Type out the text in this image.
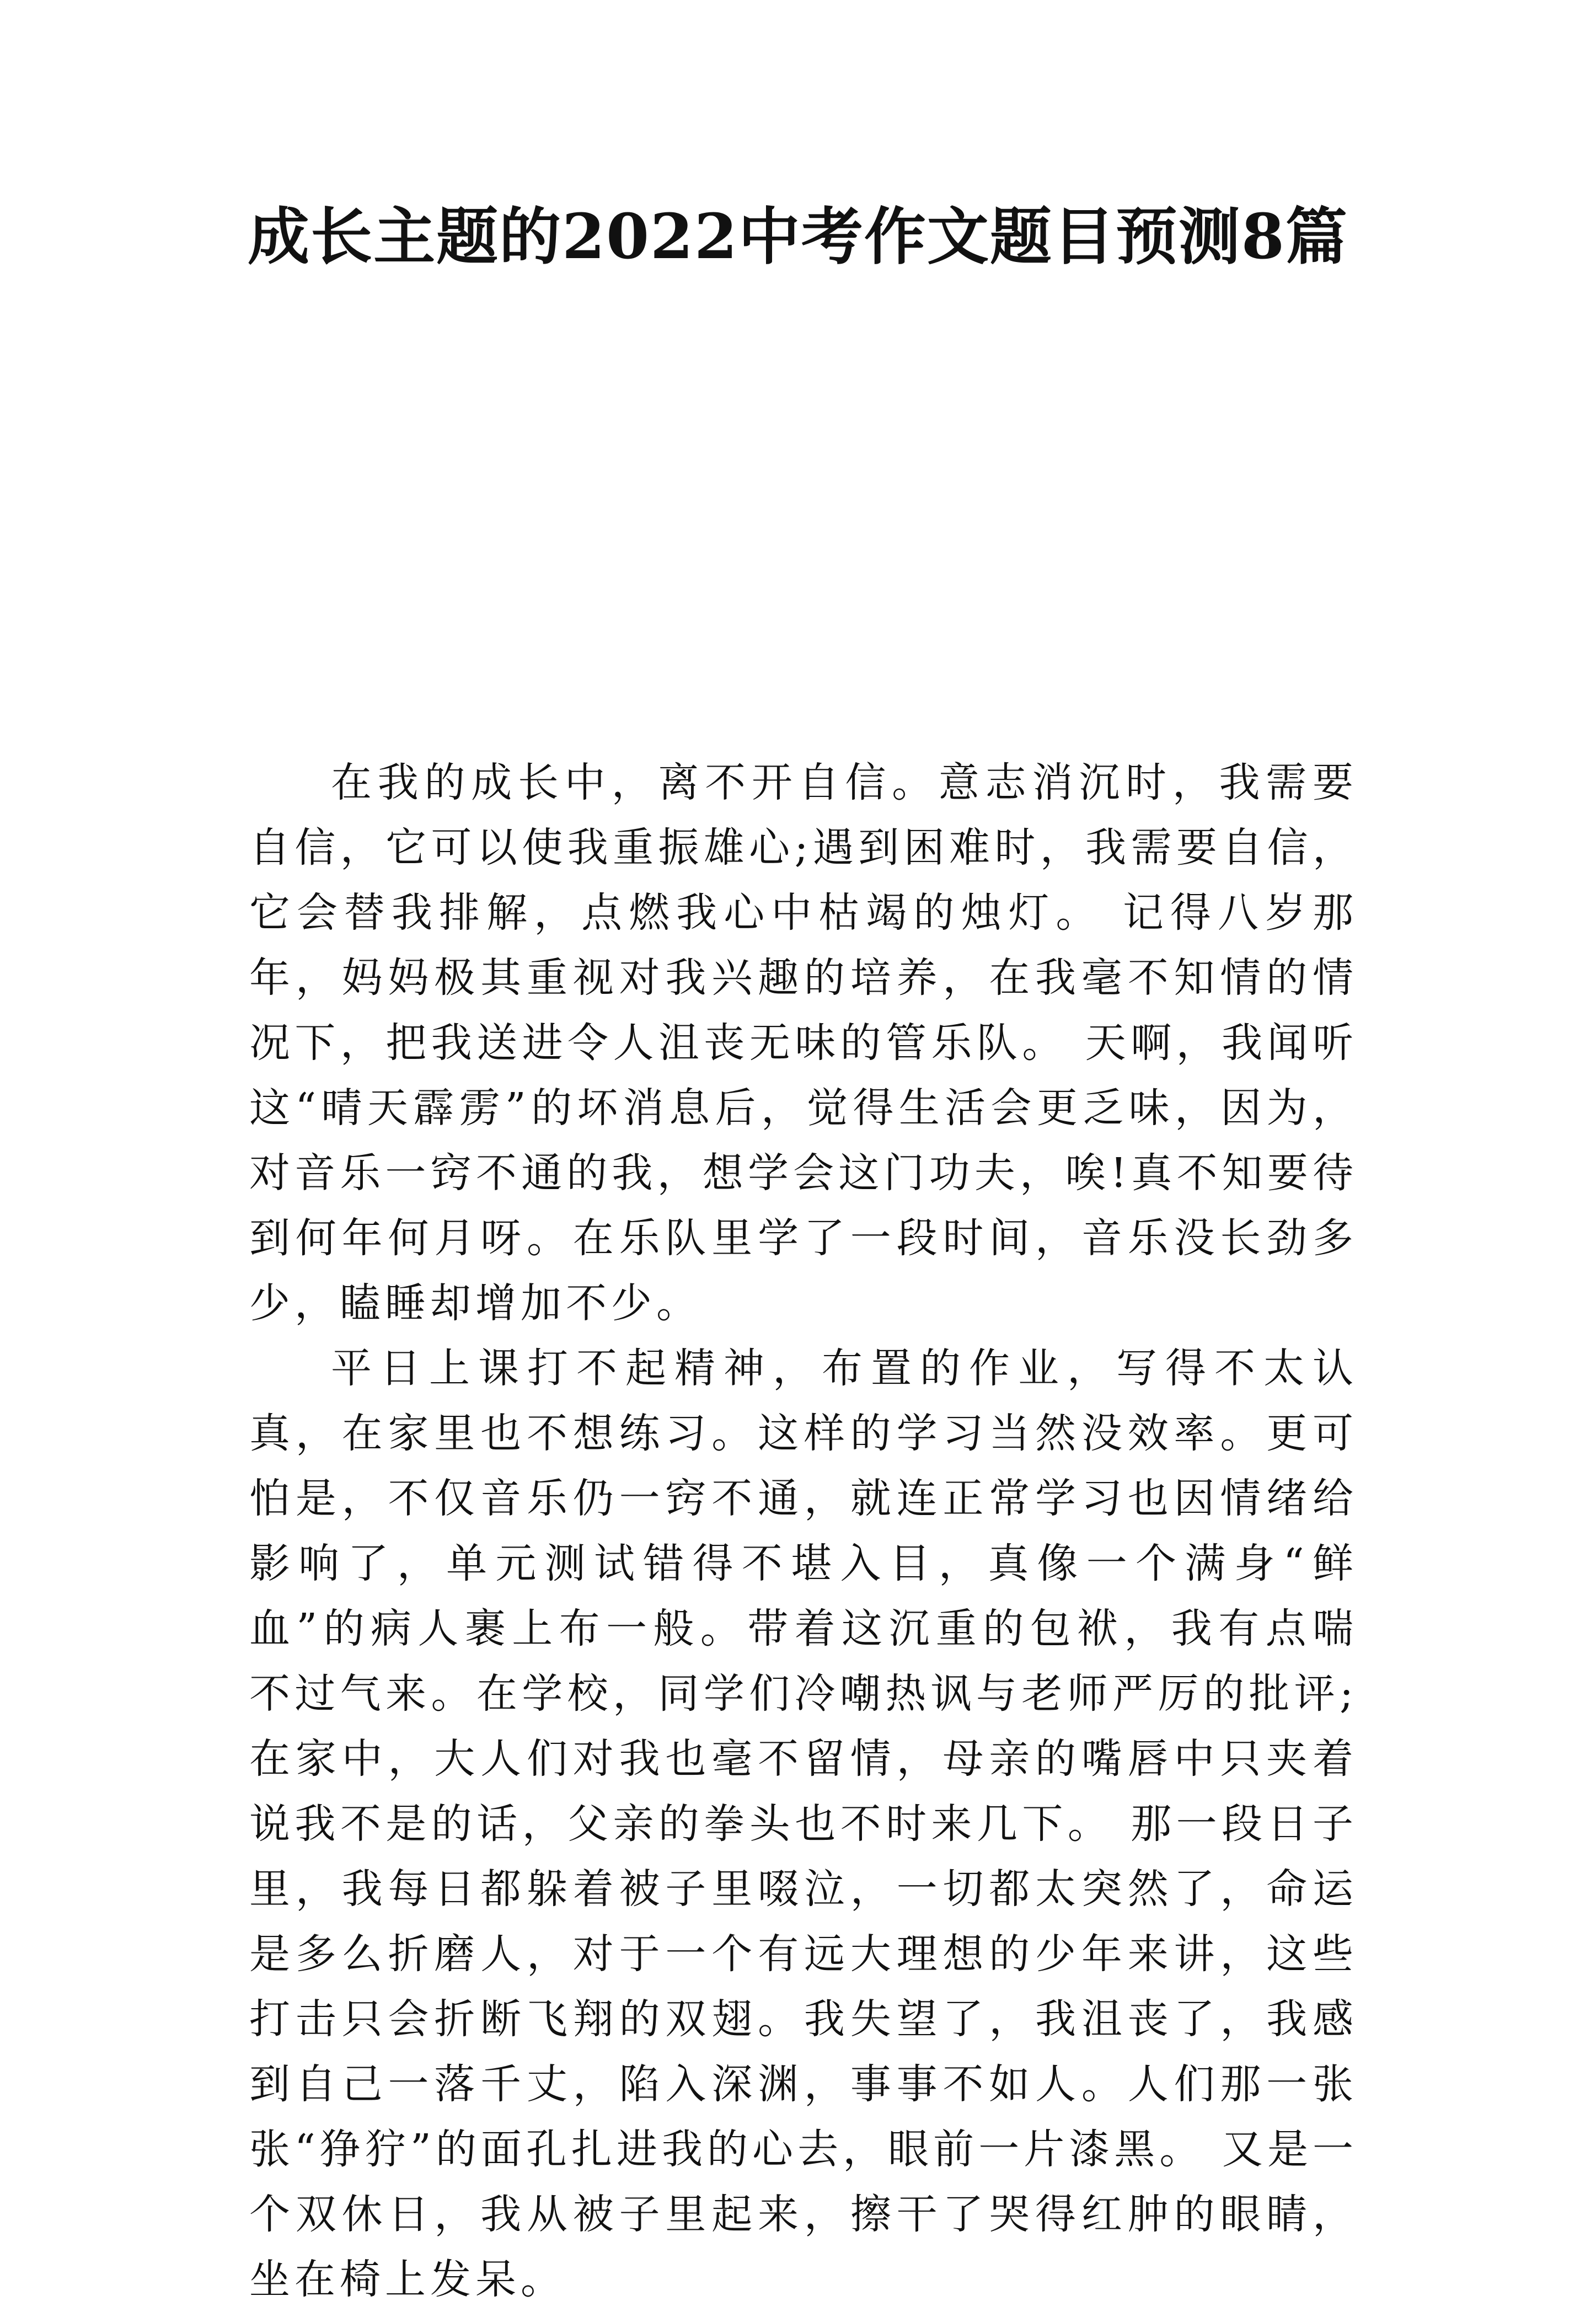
成长主题的2022中考作文题目预测8篇

在我的成长中，离不开自信。意志消沉时，我需要自信，它可以使我重振雄心;遇到困难时，我需要自信，它会替我排解，点燃我心中枯竭的烛灯。 记得八岁那年，妈妈极其重视对我兴趣的培养，在我毫不知情的情况下，把我送进令人沮丧无味的管乐队。 天啊，我闻听这“晴天霹雳”的坏消息后，觉得生活会更乏味，因为，对音乐一窍不通的我，想学会这门功夫，唉!真不知要待到何年何月呀。在乐队里学了一段时间，音乐没长劲多少，瞌睡却增加不少。

平日上课打不起精神，布置的作业，写得不太认真，在家里也不想练习。这样的学习当然没效率。更可怕是，不仅音乐仍一窍不通，就连正常学习也因情绪给影响了，单元测试错得不堪入目，真像一个满身“鲜血”的病人裹上布一般。带着这沉重的包袱，我有点喘不过气来。在学校，同学们冷嘲热讽与老师严厉的批评;在家中，大人们对我也毫不留情，母亲的嘴唇中只夹着说我不是的话，父亲的拳头也不时来几下。 那一段日子里，我每日都躲着被子里啜泣，一切都太突然了，命运是多么折磨人，对于一个有远大理想的少年来讲，这些打击只会折断飞翔的双翅。我失望了，我沮丧了，我感到自己一落千丈，陷入深渊，事事不如人。人们那一张张“狰狞”的面孔扎进我的心去，眼前一片漆黑。 又是一个双休日，我从被子里起来，擦干了哭得红肿的眼睛，坐在椅上发呆。
